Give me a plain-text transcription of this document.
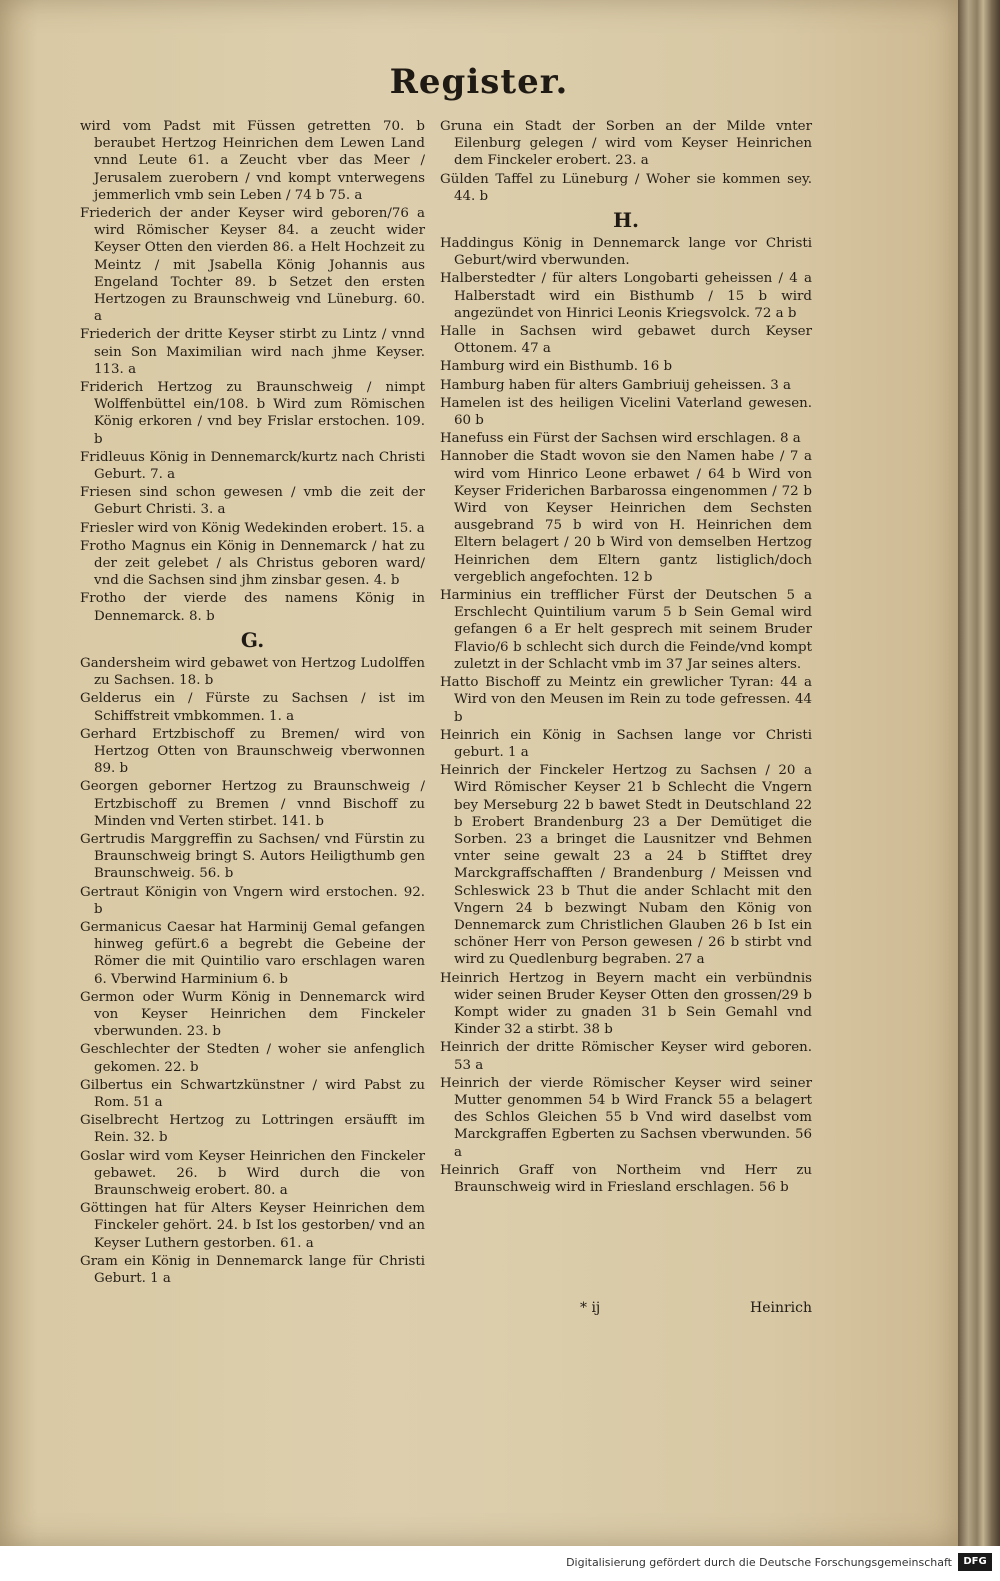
Register.
wird vom Padst mit Füssen getretten 70. b beraubet Hertzog Heinrichen dem Lewen Land vnnd Leute 61. a Zeucht vber das Meer / Jerusalem zuerobern / vnd kompt vnterwegens jemmerlich vmb sein Leben / 74 b 75. a
Friederich der ander Keyser wird geboren/76 a wird Römischer Keyser 84. a zeucht wider Keyser Otten den vierden 86. a Helt Hochzeit zu Meintz / mit Jsabella König Johannis aus Engeland Tochter 89. b Setzet den ersten Hertzogen zu Braunschweig vnd Lüneburg. 60. a
Friederich der dritte Keyser stirbt zu Lintz / vnnd sein Son Maximilian wird nach jhme Keyser. 113. a
Friderich Hertzog zu Braunschweig / nimpt Wolffenbüttel ein/108. b Wird zum Römischen König erkoren / vnd bey Frislar erstochen. 109. b
Fridleuus König in Dennemarck/kurtz nach Christi Geburt. 7. a
Friesen sind schon gewesen / vmb die zeit der Geburt Christi. 3. a
Friesler wird von König Wedekinden erobert. 15. a
Frotho Magnus ein König in Dennemarck / hat zu der zeit gelebet / als Christus geboren ward/ vnd die Sachsen sind jhm zinsbar gesen. 4. b
Frotho der vierde des namens König in Dennemarck. 8. b
G.
Gandersheim wird gebawet von Hertzog Ludolffen zu Sachsen. 18. b
Gelderus ein / Fürste zu Sachsen / ist im Schiffstreit vmbkommen. 1. a
Gerhard Ertzbischoff zu Bremen/ wird von Hertzog Otten von Braunschweig vberwonnen 89. b
Georgen geborner Hertzog zu Braunschweig / Ertzbischoff zu Bremen / vnnd Bischoff zu Minden vnd Verten stirbet. 141. b
Gertrudis Marggreffin zu Sachsen/ vnd Fürstin zu Braunschweig bringt S. Autors Heiligthumb gen Braunschweig. 56. b
Gertraut Königin von Vngern wird erstochen. 92. b
Germanicus Caesar hat Harminij Gemal gefangen hinweg gefürt.6 a begrebt die Gebeine der Römer die mit Quintilio varo erschlagen waren 6. Vberwind Harminium 6. b
Germon oder Wurm König in Dennemarck wird von Keyser Heinrichen dem Finckeler vberwunden. 23. b
Geschlechter der Stedten / woher sie anfenglich gekomen. 22. b
Gilbertus ein Schwartzkünstner / wird Pabst zu Rom. 51 a
Giselbrecht Hertzog zu Lottringen ersäufft im Rein. 32. b
Goslar wird vom Keyser Heinrichen den Finckeler gebawet. 26. b Wird durch die von Braunschweig erobert. 80. a
Göttingen hat für Alters Keyser Heinrichen dem Finckeler gehört. 24. b Ist los gestorben/ vnd an Keyser Luthern gestorben. 61. a
Gram ein König in Dennemarck lange für Christi Geburt. 1 a
Gruna ein Stadt der Sorben an der Milde vnter Eilenburg gelegen / wird vom Keyser Heinrichen dem Finckeler erobert. 23. a
Gülden Taffel zu Lüneburg / Woher sie kommen sey. 44. b
H.
Haddingus König in Dennemarck lange vor Christi Geburt/wird vberwunden.
Halberstedter / für alters Longobarti geheissen / 4 a Halberstadt wird ein Bisthumb / 15 b wird angezündet von Hinrici Leonis Kriegsvolck. 72 a b
Halle in Sachsen wird gebawet durch Keyser Ottonem. 47 a
Hamburg wird ein Bisthumb. 16 b
Hamburg haben für alters Gambriuij geheissen. 3 a
Hamelen ist des heiligen Vicelini Vaterland gewesen. 60 b
Hanefuss ein Fürst der Sachsen wird erschlagen. 8 a
Hannober die Stadt wovon sie den Namen habe / 7 a wird vom Hinrico Leone erbawet / 64 b Wird von Keyser Friderichen Barbarossa eingenommen / 72 b Wird von Keyser Heinrichen dem Sechsten ausgebrand 75 b wird von H. Heinrichen dem Eltern belagert / 20 b Wird von demselben Hertzog Heinrichen dem Eltern gantz listiglich/doch vergeblich angefochten. 12 b
Harminius ein trefflicher Fürst der Deutschen 5 a Erschlecht Quintilium varum 5 b Sein Gemal wird gefangen 6 a Er helt gesprech mit seinem Bruder Flavio/6 b schlecht sich durch die Feinde/vnd kompt zuletzt in der Schlacht vmb im 37 Jar seines alters.
Hatto Bischoff zu Meintz ein grewlicher Tyran: 44 a Wird von den Meusen im Rein zu tode gefressen. 44 b
Heinrich ein König in Sachsen lange vor Christi geburt. 1 a
Heinrich der Finckeler Hertzog zu Sachsen / 20 a Wird Römischer Keyser 21 b Schlecht die Vngern bey Merseburg 22 b bawet Stedt in Deutschland 22 b Erobert Brandenburg 23 a Der Demütiget die Sorben. 23 a bringet die Lausnitzer vnd Behmen vnter seine gewalt 23 a 24 b Stifftet drey Marckgraffschafften / Brandenburg / Meissen vnd Schleswick 23 b Thut die ander Schlacht mit den Vngern 24 b bezwingt Nubam den König von Dennemarck zum Christlichen Glauben 26 b Ist ein schöner Herr von Person gewesen / 26 b stirbt vnd wird zu Quedlenburg begraben. 27 a
Heinrich Hertzog in Beyern macht ein verbündnis wider seinen Bruder Keyser Otten den grossen/29 b Kompt wider zu gnaden 31 b Sein Gemahl vnd Kinder 32 a stirbt. 38 b
Heinrich der dritte Römischer Keyser wird geboren. 53 a
Heinrich der vierde Römischer Keyser wird seiner Mutter genommen 54 b Wird Franck 55 a belagert des Schlos Gleichen 55 b Vnd wird daselbst vom Marckgraffen Egberten zu Sachsen vberwunden. 56 a
Heinrich Graff von Northeim vnd Herr zu Braunschweig wird in Friesland erschlagen. 56 b
* ij	Heinrich
Digitalisierung gefördert durch die Deutsche Forschungsgemeinschaft	DFG
